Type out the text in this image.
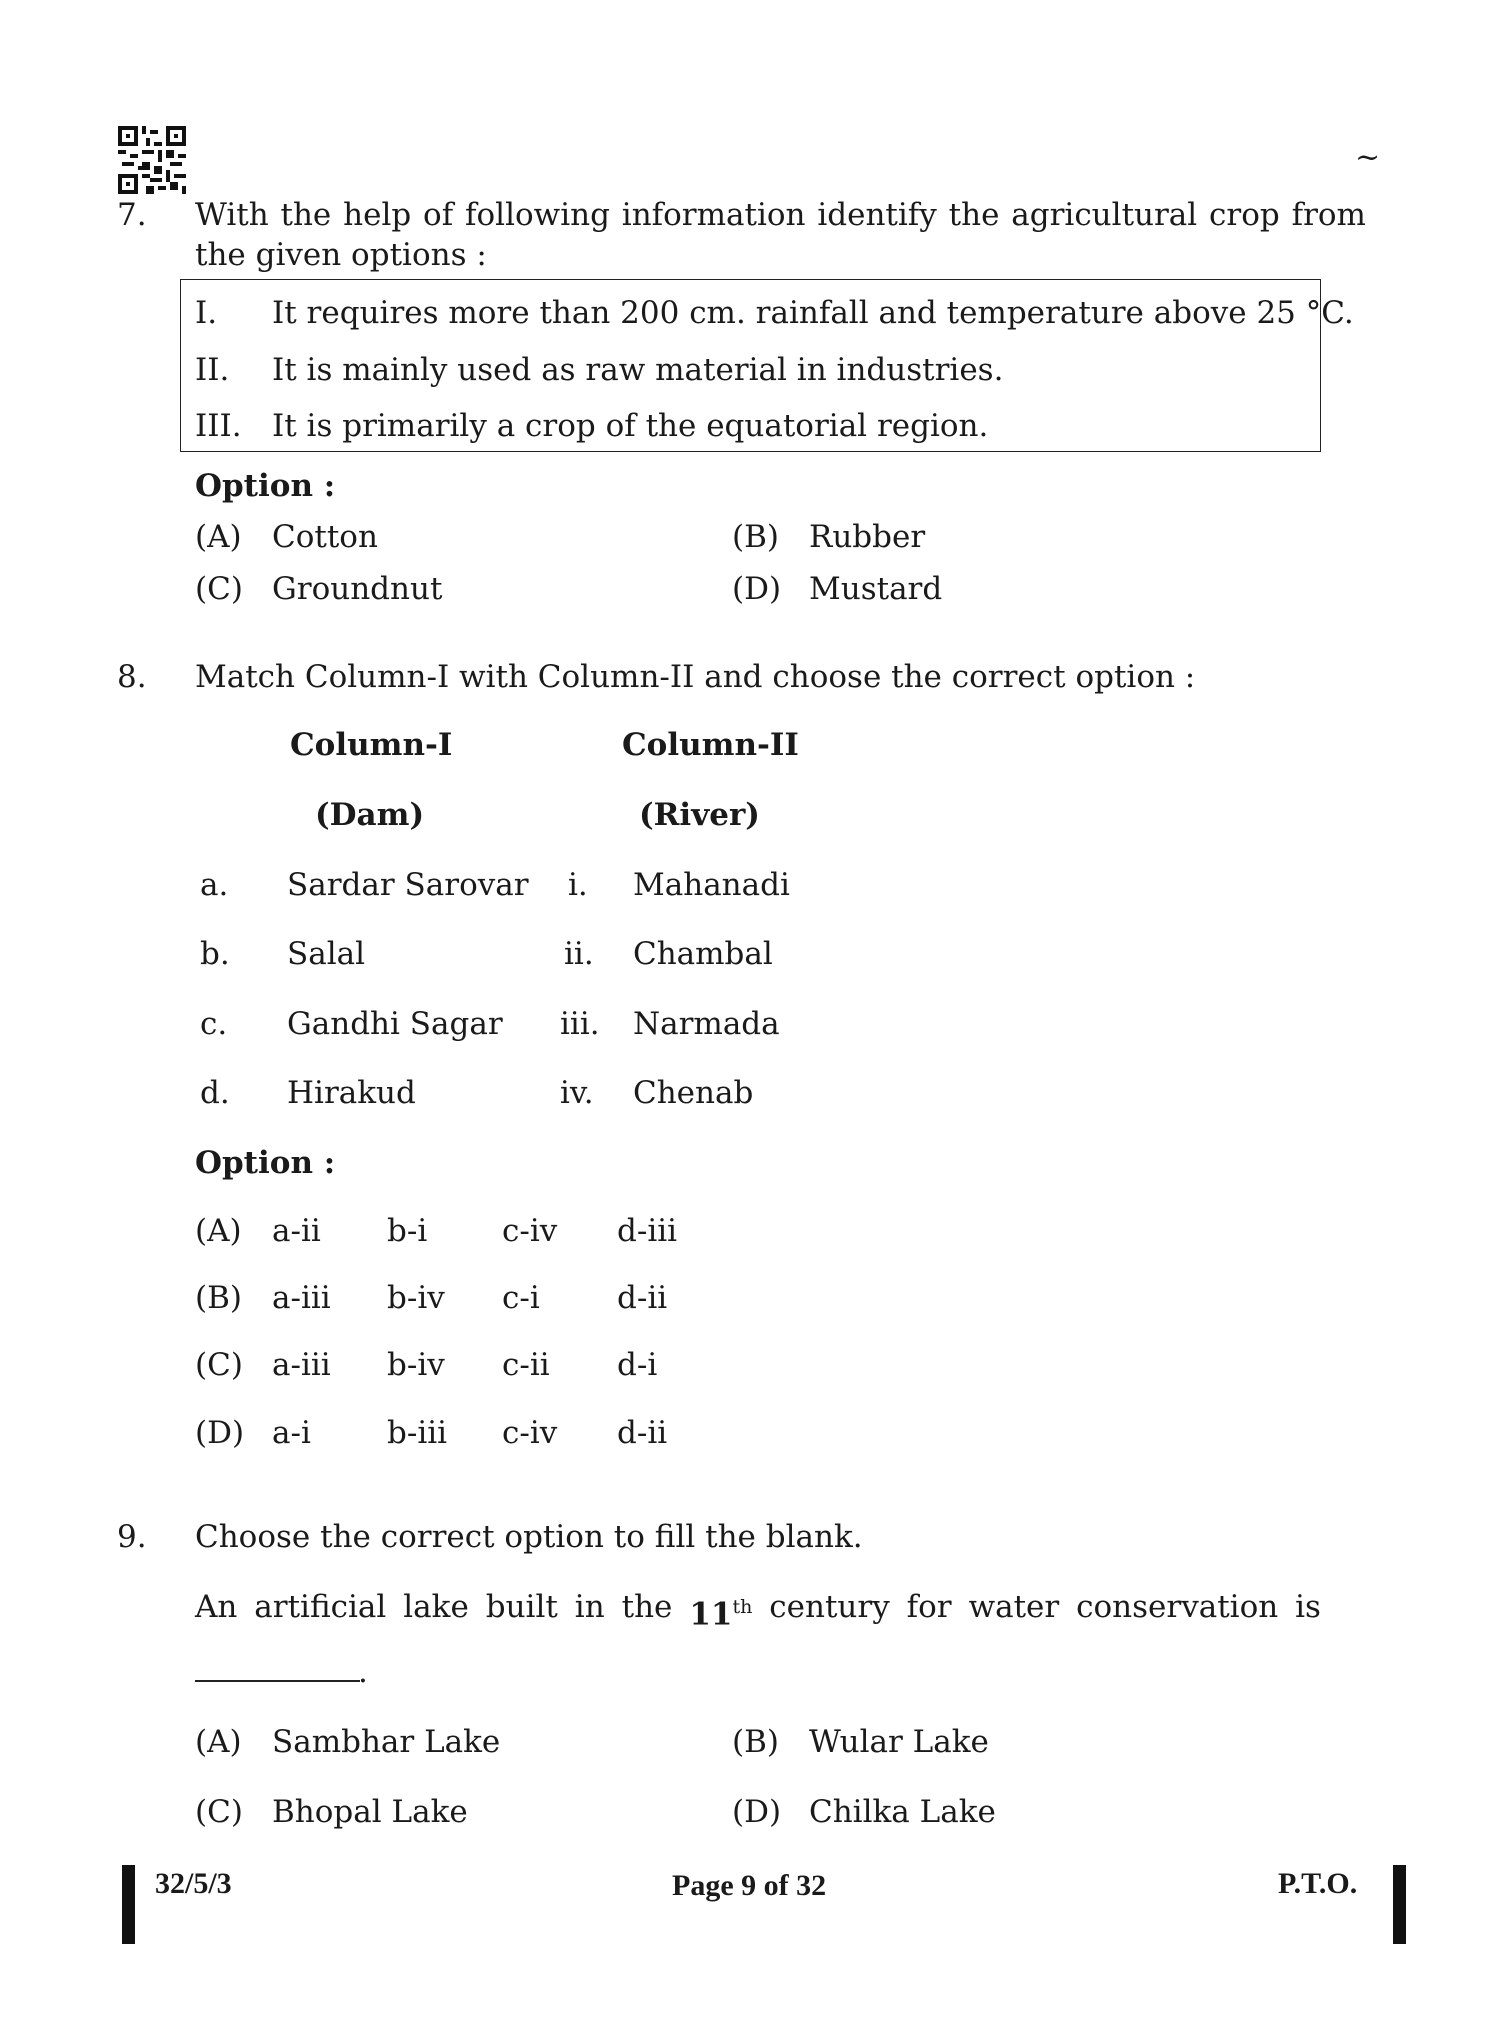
~
7. With the help of following information identify the agricultural crop from
the given options :
I. It requires more than 200 cm. rainfall and temperature above 25 °C.
II. It is mainly used as raw material in industries.
III. It is primarily a crop of the equatorial region.
Option :
(A) Cotton	(B) Rubber
(C) Groundnut	(D) Mustard
8. Match Column-I with Column-II and choose the correct option :
Column-I	Column-II
(Dam)	(River)
a. Sardar Sarovar i. Mahanadi
b. Salal	ii. Chambal
c. Gandhi Sagar iii. Narmada
d. Hirakud	iv. Chenab
Option :
(A) a-ii b-i c-iv d-iii
(B) a-iii b-iv c-i d-ii
(C) a-iii b-iv c-ii d-i
(D) a-i b-iii c-iv d-ii
9. Choose the correct option to fill the blank.
An artificial lake built in the 11th century for water conservation is
.
(A) Sambhar Lake	(B) Wular Lake
(C) Bhopal Lake	(D) Chilka Lake
32/5/3	Page 9 of 32	P.T.O.
